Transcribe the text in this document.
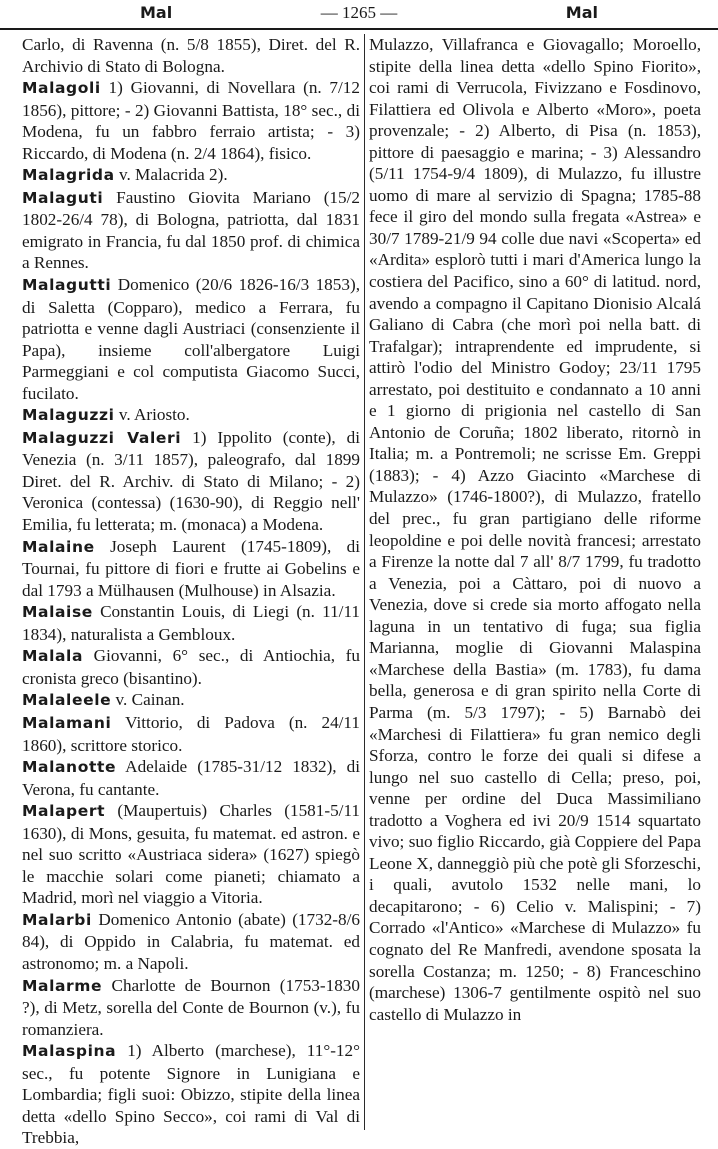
Mal	— 1265 —	Mal

Carlo, di Ravenna (n. 5/8 1855), Diret. del R. Archivio di Stato di Bologna.

Malagoli 1) Giovanni, di Novellara (n. 7/12 1856), pittore; - 2) Giovanni Battista, 18° sec., di Modena, fu un fabbro ferraio artista; - 3) Riccardo, di Modena (n. 2/4 1864), fisico.

Malagrida v. Malacrida 2).

Malaguti Faustino Giovita Mariano (15/2 1802-26/4 78), di Bologna, patriotta, dal 1831 emigrato in Francia, fu dal 1850 prof. di chimica a Rennes.

Malagutti Domenico (20/6 1826-16/3 1853), di Saletta (Copparo), medico a Ferrara, fu patriotta e venne dagli Austriaci (consenziente il Papa), insieme coll'albergatore Luigi Parmeggiani e col computista Giacomo Succi, fucilato.

Malaguzzi v. Ariosto.

Malaguzzi Valeri 1) Ippolito (conte), di Venezia (n. 3/11 1857), paleografo, dal 1899 Diret. del R. Archiv. di Stato di Milano; - 2) Veronica (contessa) (1630-90), di Reggio nell' Emilia, fu letterata; m. (monaca) a Modena.

Malaine Joseph Laurent (1745-1809), di Tournai, fu pittore di fiori e frutte ai Gobelins e dal 1793 a Mülhausen (Mulhouse) in Alsazia.

Malaise Constantin Louis, di Liegi (n. 11/11 1834), naturalista a Gembloux.

Malala Giovanni, 6° sec., di Antiochia, fu cronista greco (bisantino).

Malaleele v. Cainan.

Malamani Vittorio, di Padova (n. 24/11 1860), scrittore storico.

Malanotte Adelaide (1785-31/12 1832), di Verona, fu cantante.

Malapert (Maupertuis) Charles (1581-5/11 1630), di Mons, gesuita, fu matemat. ed astron. e nel suo scritto «Austriaca sidera» (1627) spiegò le macchie solari come pianeti; chiamato a Madrid, morì nel viaggio a Vitoria.

Malarbi Domenico Antonio (abate) (1732-8/6 84), di Oppido in Calabria, fu matemat. ed astronomo; m. a Napoli.

Malarme Charlotte de Bournon (1753-1830 ?), di Metz, sorella del Conte de Bournon (v.), fu romanziera.

Malaspina 1) Alberto (marchese), 11°-12° sec., fu potente Signore in Lunigiana e Lombardia; figli suoi: Obizzo, stipite della linea detta «dello Spino Secco», coi rami di Val di Trebbia,

Mulazzo, Villafranca e Giovagallo; Moroello, stipite della linea detta «dello Spino Fiorito», coi rami di Verrucola, Fivizzano e Fosdinovo, Filattiera ed Olivola e Alberto «Moro», poeta provenzale; - 2) Alberto, di Pisa (n. 1853), pittore di paesaggio e marina; - 3) Alessandro (5/11 1754-9/4 1809), di Mulazzo, fu illustre uomo di mare al servizio di Spagna; 1785-88 fece il giro del mondo sulla fregata «Astrea» e 30/7 1789-21/9 94 colle due navi «Scoperta» ed «Ardita» esplorò tutti i mari d'America lungo la costiera del Pacifico, sino a 60° di latitud. nord, avendo a compagno il Capitano Dionisio Alcalá Galiano di Cabra (che morì poi nella batt. di Trafalgar); intraprendente ed imprudente, si attirò l'odio del Ministro Godoy; 23/11 1795 arrestato, poi destituito e condannato a 10 anni e 1 giorno di prigionia nel castello di San Antonio de Coruña; 1802 liberato, ritornò in Italia; m. a Pontremoli; ne scrisse Em. Greppi (1883); - 4) Azzo Giacinto «Marchese di Mulazzo» (1746-1800?), di Mulazzo, fratello del prec., fu gran partigiano delle riforme leopoldine e poi delle novità francesi; arrestato a Firenze la notte dal 7 all' 8/7 1799, fu tradotto a Venezia, poi a Càttaro, poi di nuovo a Venezia, dove si crede sia morto affogato nella laguna in un tentativo di fuga; sua figlia Marianna, moglie di Giovanni Malaspina «Marchese della Bastia» (m. 1783), fu dama bella, generosa e di gran spirito nella Corte di Parma (m. 5/3 1797); - 5) Barnabò dei «Marchesi di Filattiera» fu gran nemico degli Sforza, contro le forze dei quali si difese a lungo nel suo castello di Cella; preso, poi, venne per ordine del Duca Massimiliano tradotto a Voghera ed ivi 20/9 1514 squartato vivo; suo figlio Riccardo, già Coppiere del Papa Leone X, danneggiò più che potè gli Sforzeschi, i quali, avutolo 1532 nelle mani, lo decapitarono; - 6) Celio v. Malispini; - 7) Corrado «l'Antico» «Marchese di Mulazzo» fu cognato del Re Manfredi, avendone sposata la sorella Costanza; m. 1250; - 8) Franceschino (marchese) 1306-7 gentilmente ospitò nel suo castello di Mulazzo in
